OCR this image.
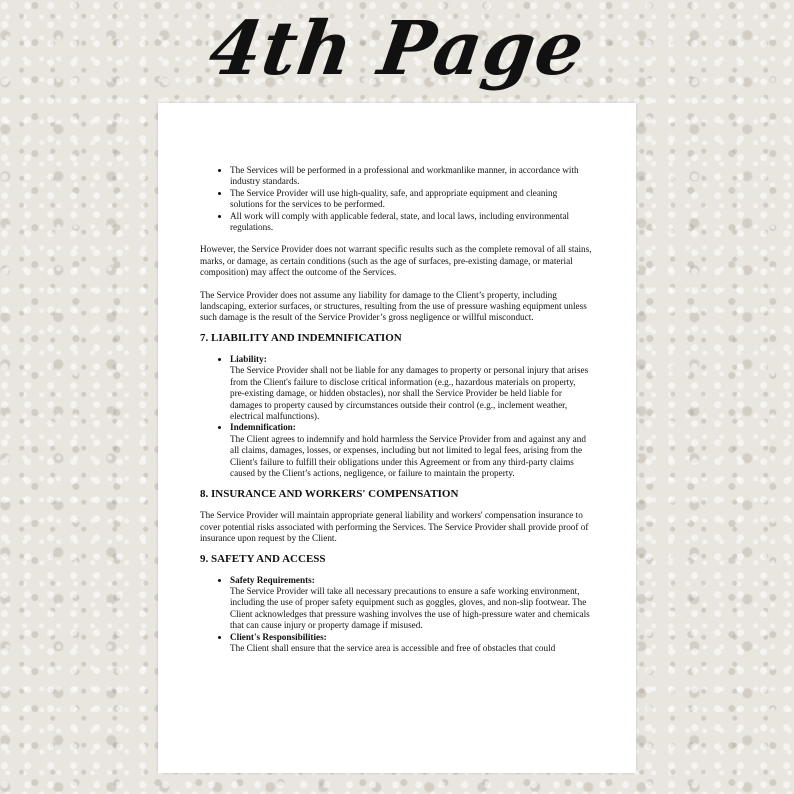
4th Page
• The Services will be performed in a professional and workmanlike manner, in accordance with industry standards.
• The Service Provider will use high-quality, safe, and appropriate equipment and cleaning solutions for the services to be performed.
• All work will comply with applicable federal, state, and local laws, including environmental regulations.

However, the Service Provider does not warrant specific results such as the complete removal of all stains, marks, or damage, as certain conditions (such as the age of surfaces, pre-existing damage, or material composition) may affect the outcome of the Services.

The Service Provider does not assume any liability for damage to the Client’s property, including landscaping, exterior surfaces, or structures, resulting from the use of pressure washing equipment unless such damage is the result of the Service Provider’s gross negligence or willful misconduct.

7. LIABILITY AND INDEMNIFICATION
• Liability:
The Service Provider shall not be liable for any damages to property or personal injury that arises from the Client's failure to disclose critical information (e.g., hazardous materials on property, pre-existing damage, or hidden obstacles), nor shall the Service Provider be held liable for damages to property caused by circumstances outside their control (e.g., inclement weather, electrical malfunctions).
• Indemnification:
The Client agrees to indemnify and hold harmless the Service Provider from and against any and all claims, damages, losses, or expenses, including but not limited to legal fees, arising from the Client's failure to fulfill their obligations under this Agreement or from any third-party claims caused by the Client’s actions, negligence, or failure to maintain the property.
8. INSURANCE AND WORKERS' COMPENSATION

The Service Provider will maintain appropriate general liability and workers' compensation insurance to cover potential risks associated with performing the Services. The Service Provider shall provide proof of insurance upon request by the Client.

9. SAFETY AND ACCESS
• Safety Requirements:
The Service Provider will take all necessary precautions to ensure a safe working environment, including the use of proper safety equipment such as goggles, gloves, and non-slip footwear. The Client acknowledges that pressure washing involves the use of high-pressure water and chemicals that can cause injury or property damage if misused.
• Client's Responsibilities:
The Client shall ensure that the service area is accessible and free of obstacles that could
